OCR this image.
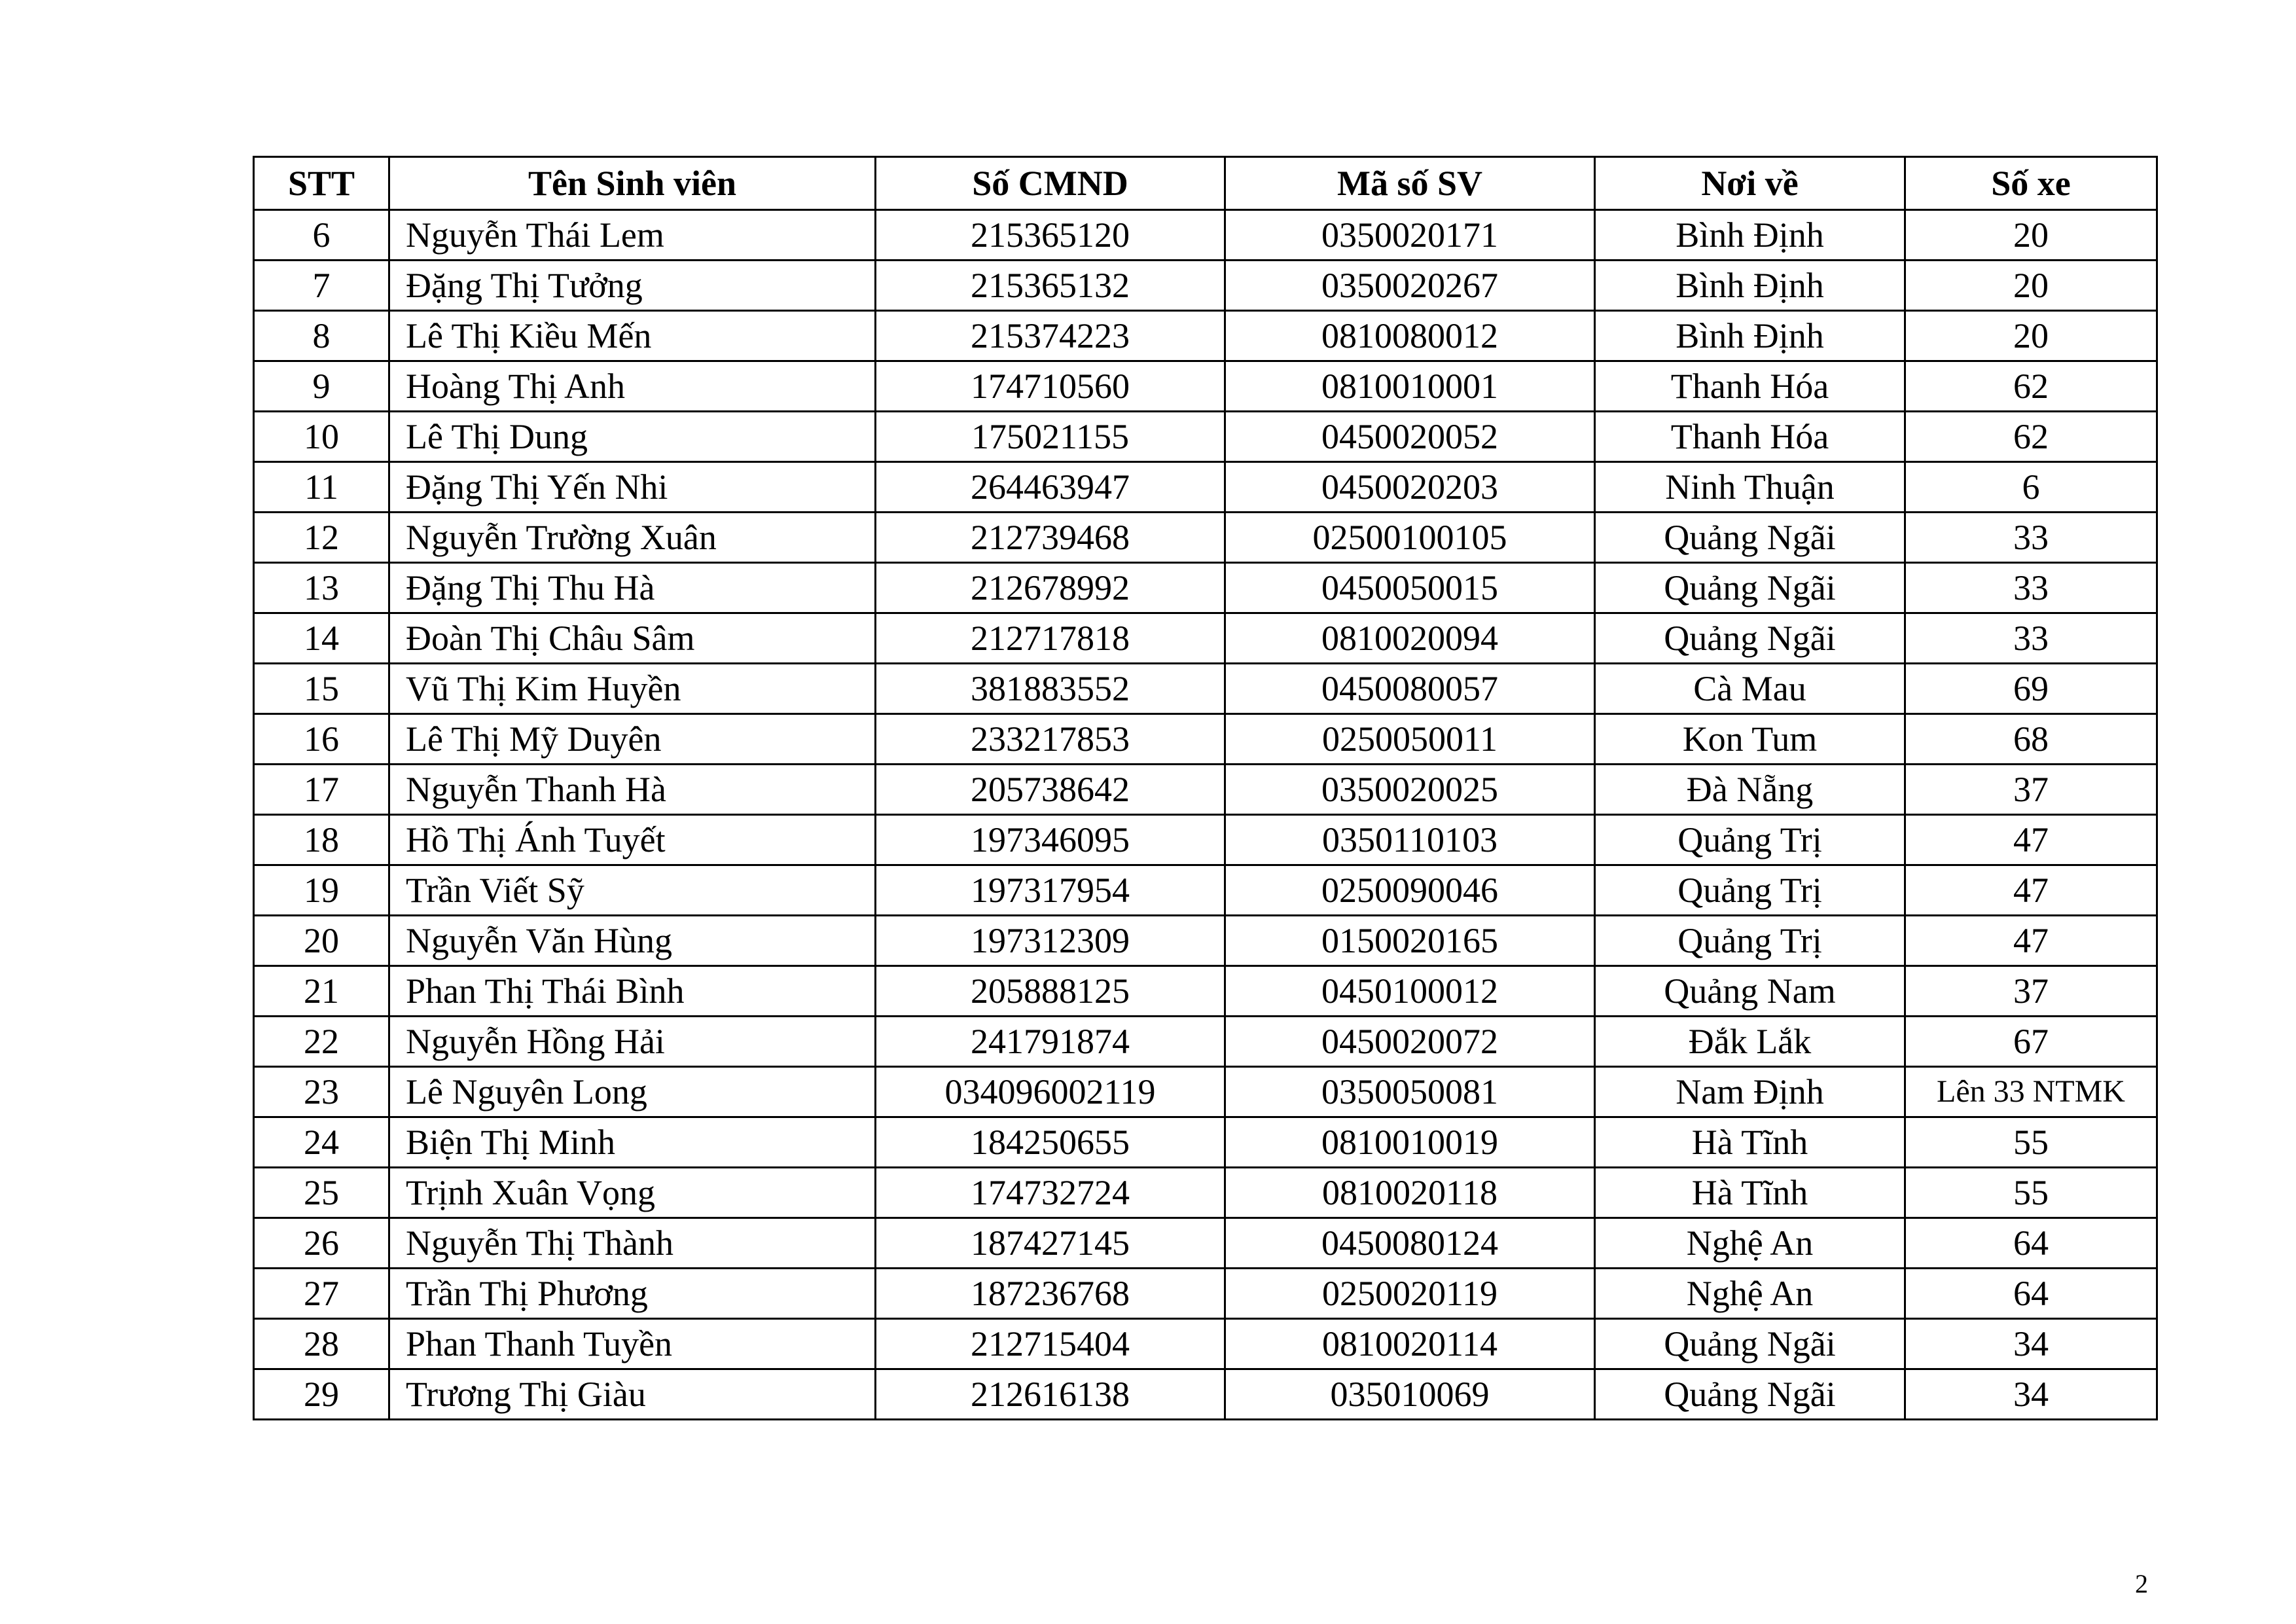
STT	Tên Sinh viên	Số CMND	Mã số SV	Nơi về	Số xe
6	Nguyễn Thái Lem	215365120	0350020171	Bình Định	20
7	Đặng Thị Tưởng	215365132	0350020267	Bình Định	20
8	Lê Thị Kiều Mến	215374223	0810080012	Bình Định	20
9	Hoàng Thị Anh	174710560	0810010001	Thanh Hóa	62
10	Lê Thị Dung	175021155	0450020052	Thanh Hóa	62
11	Đặng Thị Yến Nhi	264463947	0450020203	Ninh Thuận	6
12	Nguyễn Trường Xuân	212739468	02500100105	Quảng Ngãi	33
13	Đặng Thị Thu Hà	212678992	0450050015	Quảng Ngãi	33
14	Đoàn Thị Châu Sâm	212717818	0810020094	Quảng Ngãi	33
15	Vũ Thị Kim Huyền	381883552	0450080057	Cà Mau	69
16	Lê Thị Mỹ Duyên	233217853	0250050011	Kon Tum	68
17	Nguyễn Thanh Hà	205738642	0350020025	Đà Nẵng	37
18	Hồ Thị Ánh Tuyết	197346095	0350110103	Quảng Trị	47
19	Trần Viết Sỹ	197317954	0250090046	Quảng Trị	47
20	Nguyễn Văn Hùng	197312309	0150020165	Quảng Trị	47
21	Phan Thị Thái Bình	205888125	0450100012	Quảng Nam	37
22	Nguyễn Hồng Hải	241791874	0450020072	Đắk Lắk	67
23	Lê Nguyên Long	034096002119	0350050081	Nam Định	Lên 33 NTMK
24	Biện Thị Minh	184250655	0810010019	Hà Tĩnh	55
25	Trịnh Xuân Vọng	174732724	0810020118	Hà Tĩnh	55
26	Nguyễn Thị Thành	187427145	0450080124	Nghệ An	64
27	Trần Thị Phương	187236768	0250020119	Nghệ An	64
28	Phan Thanh Tuyền	212715404	0810020114	Quảng Ngãi	34
29	Trương Thị Giàu	212616138	035010069	Quảng Ngãi	34
2
